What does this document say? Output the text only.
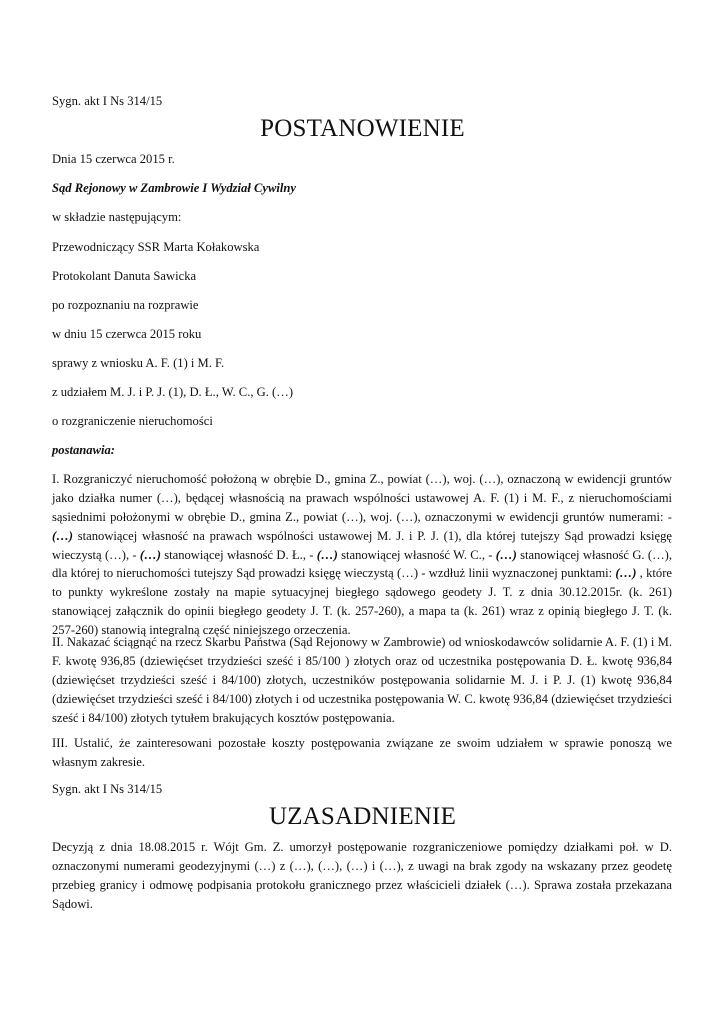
Sygn. akt I Ns 314/15
POSTANOWIENIE
Dnia 15 czerwca 2015 r.
Sąd Rejonowy w Zambrowie I Wydział Cywilny
w składzie następującym:
Przewodniczący SSR Marta Kołakowska
Protokolant Danuta Sawicka
po rozpoznaniu na rozprawie
w dniu 15 czerwca 2015 roku
sprawy z wniosku A. F. (1) i M. F.
z udziałem M. J. i P. J. (1), D. Ł., W. C., G. (…)
o rozgraniczenie nieruchomości
postanawia:

I. Rozgraniczyć nieruchomość położoną w obrębie D., gmina Z., powiat (…), woj. (…), oznaczoną w ewidencji gruntów jako działka numer (…), będącej własnością na prawach wspólności ustawowej A. F. (1) i M. F., z nieruchomościami sąsiednimi położonymi w obrębie D., gmina Z., powiat (…), woj. (…), oznaczonymi w ewidencji gruntów numerami: - (…) stanowiącej własność na prawach wspólności ustawowej M. J. i P. J. (1), dla której tutejszy Sąd prowadzi księgę wieczystą (…), - (…) stanowiącej własność D. Ł., - (…) stanowiącej własność W. C., - (…) stanowiącej własność G. (…), dla której to nieruchomości tutejszy Sąd prowadzi księgę wieczystą (…) - wzdłuż linii wyznaczonej punktami: (…) , które to punkty wykreślone zostały na mapie sytuacyjnej biegłego sądowego geodety J. T. z dnia 30.12.2015r. (k. 261) stanowiącej załącznik do opinii biegłego geodety J. T. (k. 257-260), a mapa ta (k. 261) wraz z opinią biegłego J. T. (k. 257-260) stanowią integralną część niniejszego orzeczenia.

II. Nakazać ściągnąć na rzecz Skarbu Państwa (Sąd Rejonowy w Zambrowie) od wnioskodawców solidarnie A. F. (1) i M. F. kwotę 936,85 (dziewięćset trzydzieści sześć i 85/100 ) złotych oraz od uczestnika postępowania D. Ł. kwotę 936,84 (dziewięćset trzydzieści sześć i 84/100) złotych, uczestników postępowania solidarnie M. J. i P. J. (1) kwotę 936,84 (dziewięćset trzydzieści sześć i 84/100) złotych i od uczestnika postępowania W. C. kwotę 936,84 (dziewięćset trzydzieści sześć i 84/100) złotych tytułem brakujących kosztów postępowania.

III. Ustalić, że zainteresowani pozostałe koszty postępowania związane ze swoim udziałem w sprawie ponoszą we własnym zakresie.

Sygn. akt I Ns 314/15
UZASADNIENIE

Decyzją z dnia 18.08.2015 r. Wójt Gm. Z. umorzył postępowanie rozgraniczeniowe pomiędzy działkami poł. w D. oznaczonymi numerami geodezyjnymi (…) z (…), (…), (…) i (…), z uwagi na brak zgody na wskazany przez geodetę przebieg granicy i odmowę podpisania protokołu granicznego przez właścicieli działek (…). Sprawa została przekazana Sądowi.
